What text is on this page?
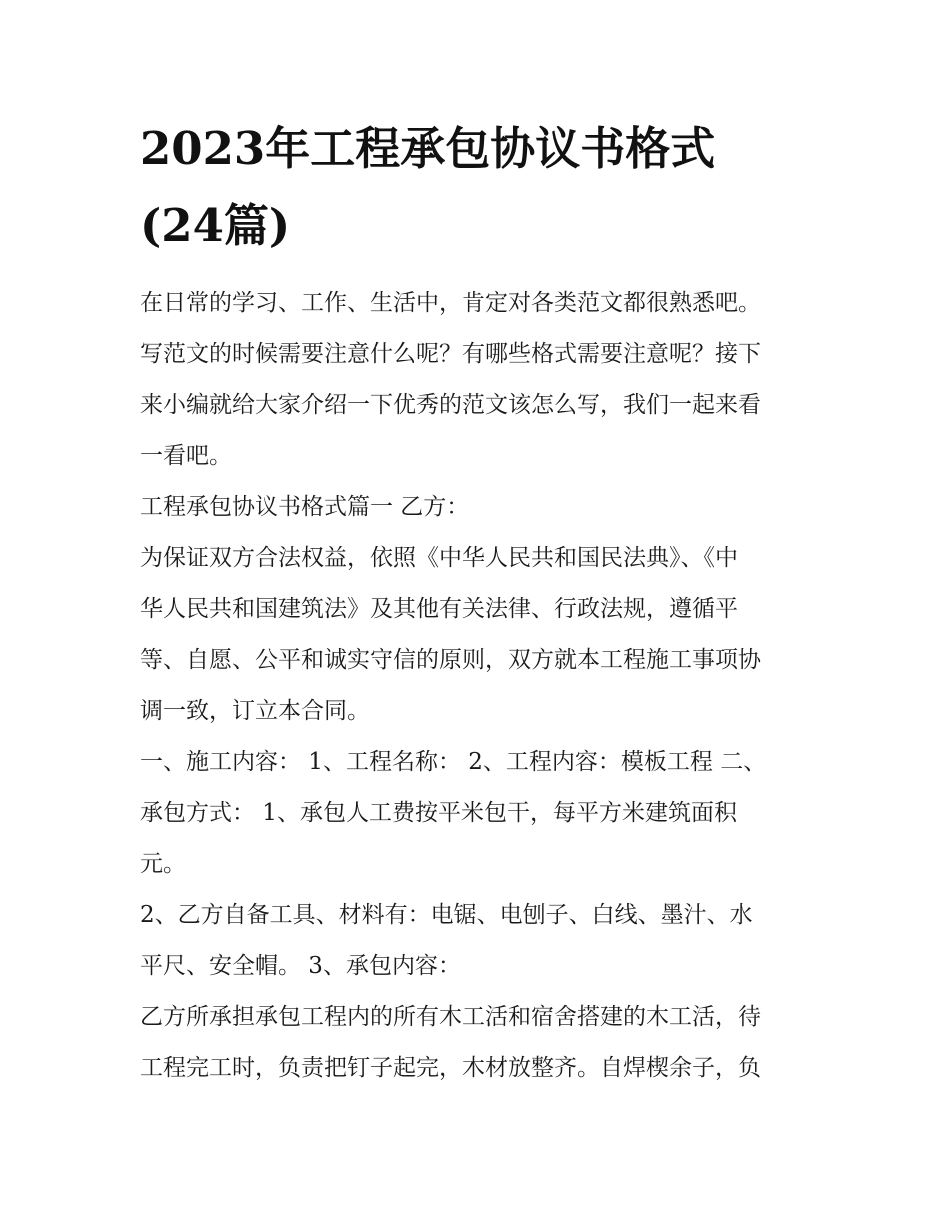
2023年工程承包协议书格式
(24篇)
在日常的学习、工作、生活中，肯定对各类范文都很熟悉吧。
写范文的时候需要注意什么呢？有哪些格式需要注意呢？接下
来小编就给大家介绍一下优秀的范文该怎么写，我们一起来看
一看吧。
工程承包协议书格式篇一 乙方：
为保证双方合法权益，依照《中华人民共和国民法典》、《中
华人民共和国建筑法》及其他有关法律、行政法规，遵循平
等、自愿、公平和诚实守信的原则，双方就本工程施工事项协
调一致，订立本合同。
一、施工内容： 1、工程名称： 2、工程内容：模板工程 二、
承包方式： 1、承包人工费按平米包干，每平方米建筑面积
元。
2、乙方自备工具、材料有：电锯、电刨子、白线、墨汁、水
平尺、安全帽。 3、承包内容：
乙方所承担承包工程内的所有木工活和宿舍搭建的木工活，待
工程完工时，负责把钉子起完，木材放整齐。自焊楔余子，负
